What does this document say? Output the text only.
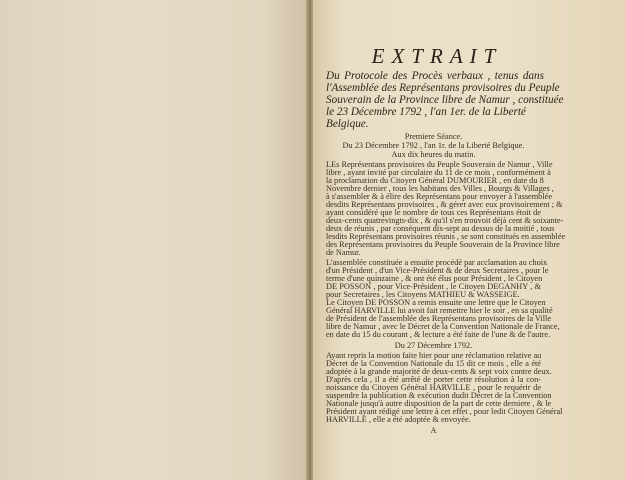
EXTRAIT
Du Protocole des Procès verbaux , tenus dans
l'Assemblée des Représentans provisoires du Peuple
Souverain de la Province libre de Namur , constituée
le 23 Décembre 1792 , l'an 1er. de la Liberté
Belgique.
Premiere Séance.
Du 23 Décembre 1792 , l'an 1r. de la Liberté Belgique.
Aux dix heures du matin.
LEs Représentans provisoires du Peuple Souverain de Namur , Ville
libre , ayant invité par circulaire du 11 de ce mois , conformément à
la proclamation du Citoyen Général DUMOURIER , en date du 8
Novembre dernier , tous les habitans des Villes , Bourgs & Villages ,
à s'assembler & à élire des Représentans pour envoyer à l'assemblée
desdits Représentans provisoires , & gérer avec eux provisoirement ; &
ayant considéré que le nombre de tous ces Représentans étoit de
deux-cents quatrevingts-dix , & qu'il s'en trouvoit déjà cent & soixante-
deux de réunis , par conséquent dix-sept au dessus de la moitié , tous
lesdits Représentans provisoires réunis , se sont constitués en assemblée
des Représentans provisoires du Peuple Souverain de la Province libre
de Namur.
L'assemblée constituée a ensuite procédé par acclamation au choix
d'un Président , d'un Vice-Président & de deux Secretaires , pour le
terme d'une quinzaine , & ont été élus pour Président , le Citoyen
DE POSSON , pour Vice-Président , le Citoyen DEGANHY , &
pour Secretaires , les Citoyens MATHIEU & WASSEIGE.
Le Citoyen DE POSSON a remis ensuite une lettre que le Citoyen
Général HARVILLE lui avoit fait remettre hier le soir , en sa qualité
de Président de l'assemblée des Représentans provisoires de la Ville
libre de Namur , avec le Décret de la Convention Nationale de France,
en date du 15 du courant , & lecture a été faite de l'une & de l'autre.
Du 27 Décembre 1792.
Ayant repris la motion faite hier pour une réclamation relative au
Décret de la Convention Nationale du 15 dit ce mois , elle a été
adoptée à la grande majorité de deux-cents & sept voix contre deux.
D'après cela , il a été arrêté de porter cette résolution à la con-
noissance du Citoyen Général HARVILLE , pour le requérir de
suspendre la publication & exécution dudit Décret de la Convention
Nationale jusqu'à autre disposition de la part de cette derniere , & le
Président ayant rédigé une lettre à cet effet , pour ledit Citoyen Général
HARVILLE , elle a été adoptée & envoyée.
A
